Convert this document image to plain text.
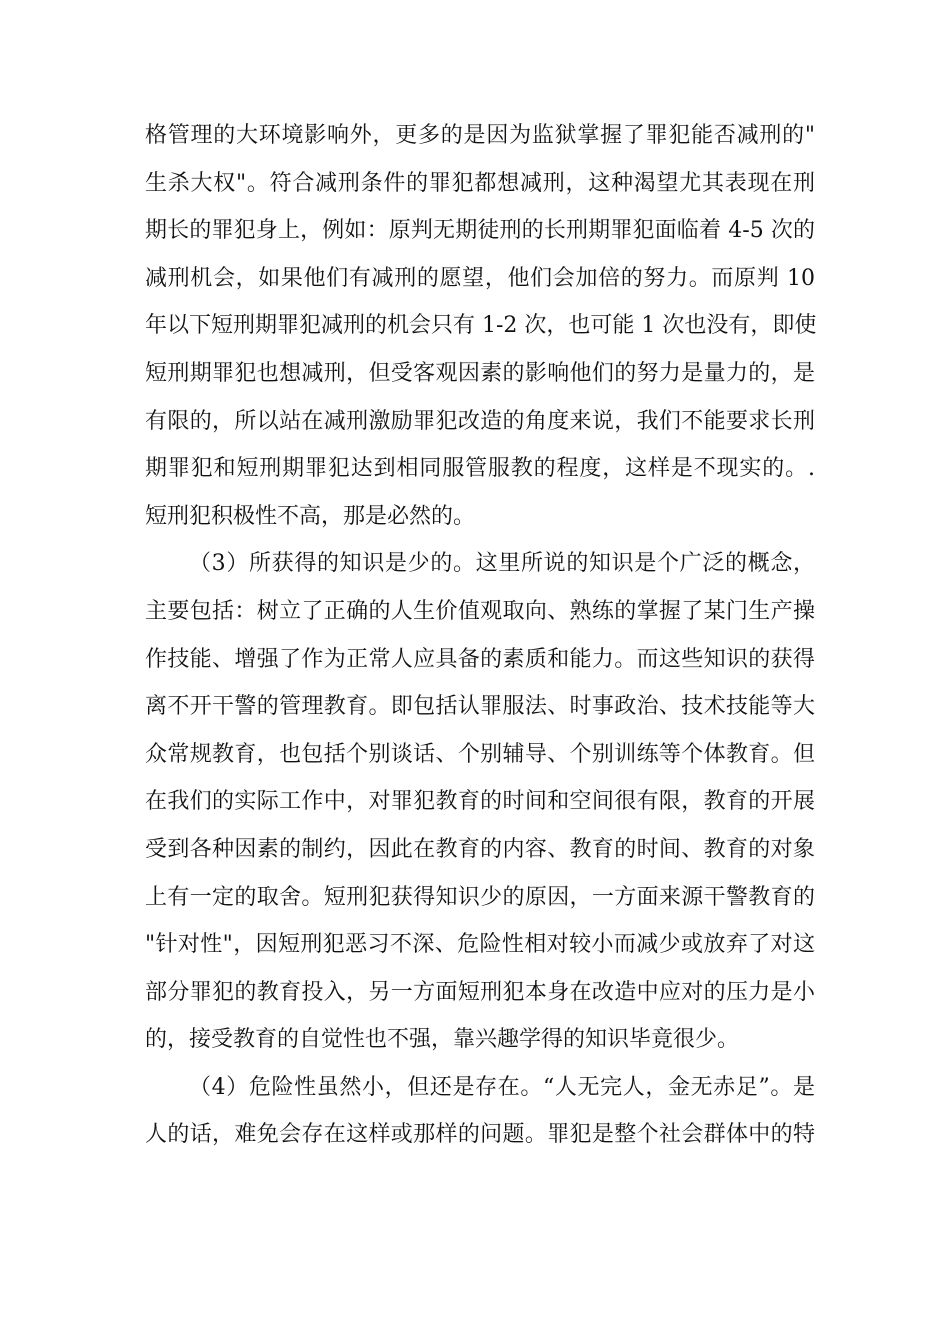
格管理的大环境影响外，更多的是因为监狱掌握了罪犯能否减刑的"
生杀大权"。符合减刑条件的罪犯都想减刑，这种渴望尤其表现在刑
期长的罪犯身上，例如：原判无期徒刑的长刑期罪犯面临着 4-5 次的
减刑机会，如果他们有减刑的愿望，他们会加倍的努力。而原判 10
年以下短刑期罪犯减刑的机会只有 1-2 次，也可能 1 次也没有，即使
短刑期罪犯也想减刑，但受客观因素的影响他们的努力是量力的，是
有限的，所以站在减刑激励罪犯改造的角度来说，我们不能要求长刑
期罪犯和短刑期罪犯达到相同服管服教的程度，这样是不现实的。.
短刑犯积极性不高，那是必然的。
（3）所获得的知识是少的。这里所说的知识是个广泛的概念，
主要包括：树立了正确的人生价值观取向、熟练的掌握了某门生产操
作技能、增强了作为正常人应具备的素质和能力。而这些知识的获得
离不开干警的管理教育。即包括认罪服法、时事政治、技术技能等大
众常规教育，也包括个别谈话、个别辅导、个别训练等个体教育。但
在我们的实际工作中，对罪犯教育的时间和空间很有限，教育的开展
受到各种因素的制约，因此在教育的内容、教育的时间、教育的对象
上有一定的取舍。短刑犯获得知识少的原因，一方面来源干警教育的
"针对性"，因短刑犯恶习不深、危险性相对较小而减少或放弃了对这
部分罪犯的教育投入，另一方面短刑犯本身在改造中应对的压力是小
的，接受教育的自觉性也不强，靠兴趣学得的知识毕竟很少。
（4）危险性虽然小，但还是存在。“人无完人，金无赤足”。是
人的话，难免会存在这样或那样的问题。罪犯是整个社会群体中的特
